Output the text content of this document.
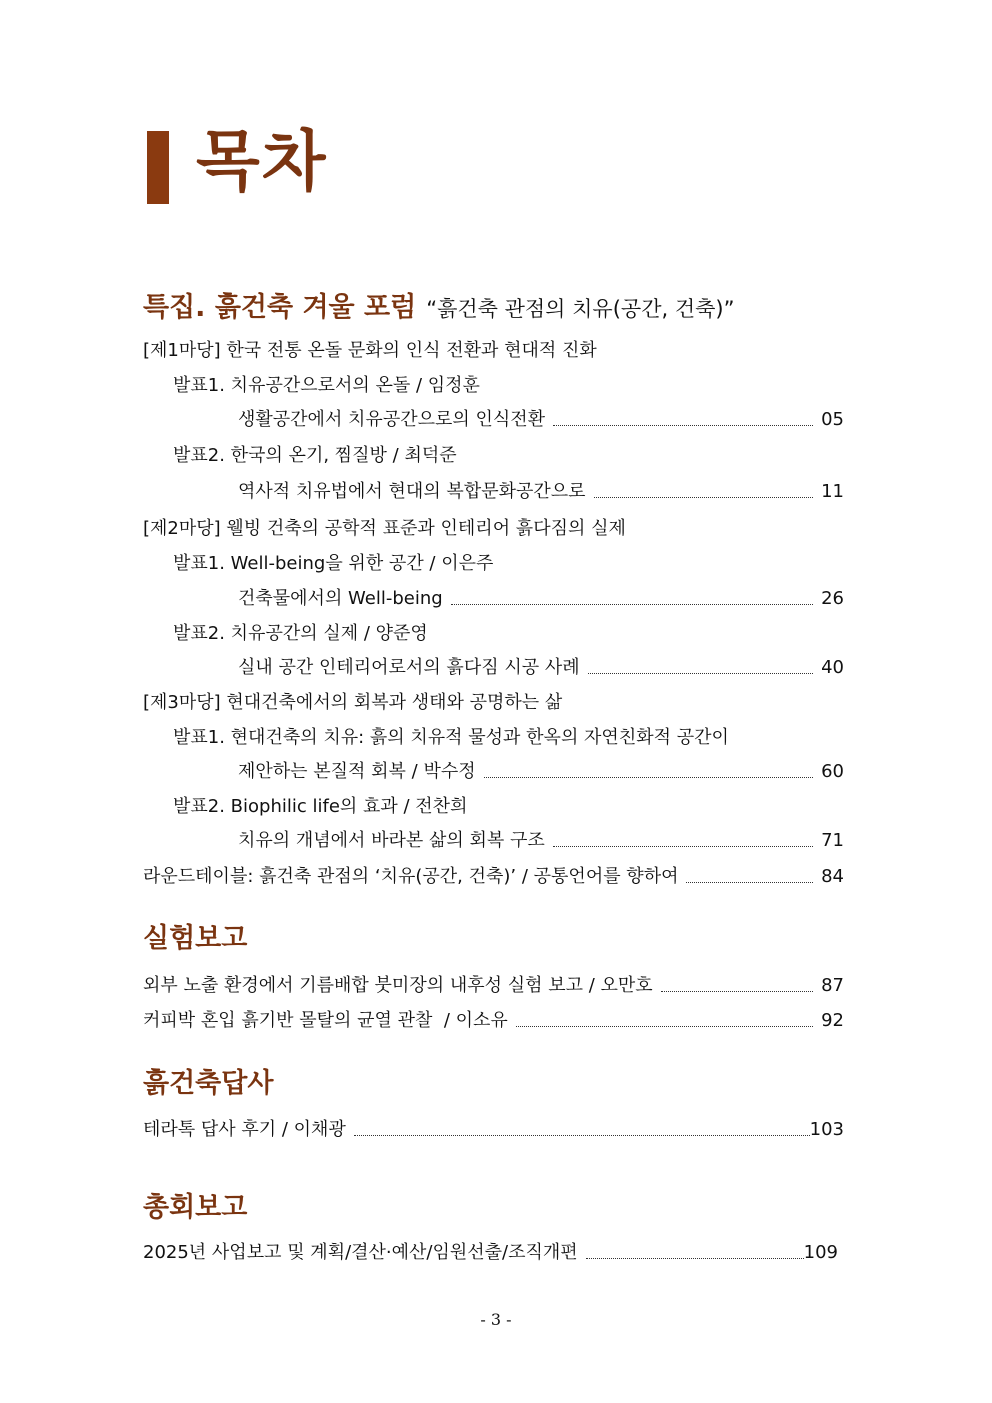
목차
특집. 흙건축 겨울 포럼 “흙건축 관점의 치유(공간, 건축)”
[제1마당] 한국 전통 온돌 문화의 인식 전환과 현대적 진화
발표1. 치유공간으로서의 온돌 / 임정훈
생활공간에서 치유공간으로의 인식전환	05
발표2. 한국의 온기, 찜질방 / 최덕준
역사적 치유법에서 현대의 복합문화공간으로	11
[제2마당] 웰빙 건축의 공학적 표준과 인테리어 흙다짐의 실제
발표1. Well-being을 위한 공간 / 이은주
건축물에서의 Well-being	26
발표2. 치유공간의 실제 / 양준영
실내 공간 인테리어로서의 흙다짐 시공 사례	40
[제3마당] 현대건축에서의 회복과 생태와 공명하는 삶
발표1. 현대건축의 치유: 흙의 치유적 물성과 한옥의 자연친화적 공간이
제안하는 본질적 회복 / 박수정	60
발표2. Biophilic life의 효과 / 전찬희
치유의 개념에서 바라본 삶의 회복 구조	71
라운드테이블: 흙건축 관점의 ‘치유(공간, 건축)’ / 공통언어를 향하여	84
실험보고
외부 노출 환경에서 기름배합 붓미장의 내후성 실험 보고 / 오만호	87
커피박 혼입 흙기반 몰탈의 균열 관찰  / 이소유	92
흙건축답사
테라톡 답사 후기 / 이채광	103
총회보고
2025년 사업보고 및 계획/결산·예산/임원선출/조직개편	109
- 3 -
